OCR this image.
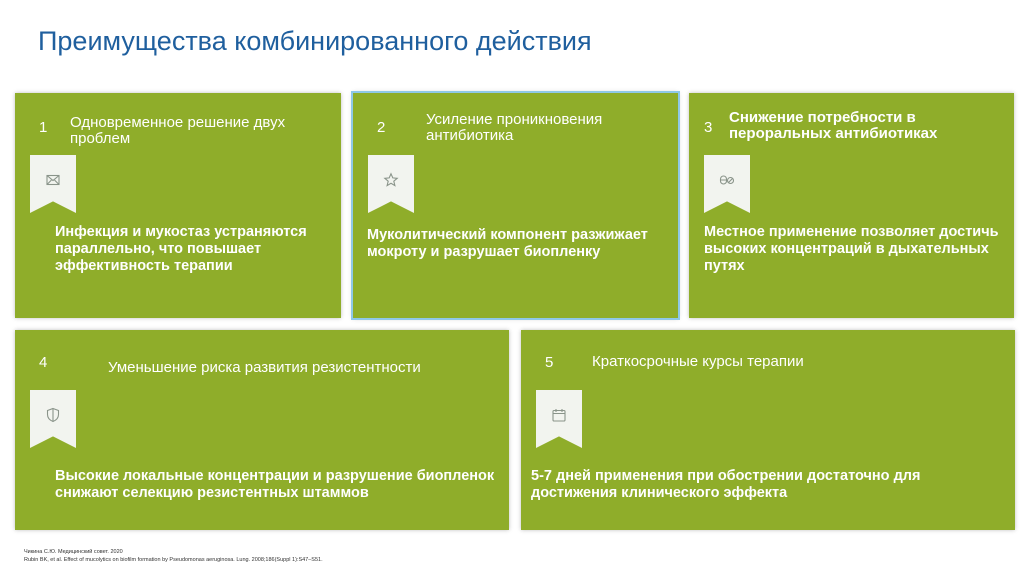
Преимущества комбинированного действия
1 Одновременное решение двух проблем
Инфекция и мукостаз устраняются параллельно, что повышает эффективность терапии
2	Усиление проникновения антибиотика
Муколитический компонент разжижает мокроту и разрушает биопленку
3
Снижение потребности в пероральных антибиотиках
Местное применение позволяет достичь высоких концентраций в дыхательных путях
4	Уменьшение риска развития резистентности
Высокие локальные концентрации и разрушение биопленок снижают селекцию резистентных штаммов
5	Краткосрочные курсы терапии
5-7 дней применения при обострении достаточно для достижения клинического эффекта
Чикина С.Ю. Медицинский совет. 2020
Rubin BK, et al. Effect of mucolytics on biofilm formation by Pseudomonas aeruginosa. Lung. 2008;186(Suppl 1):S47–S51.
